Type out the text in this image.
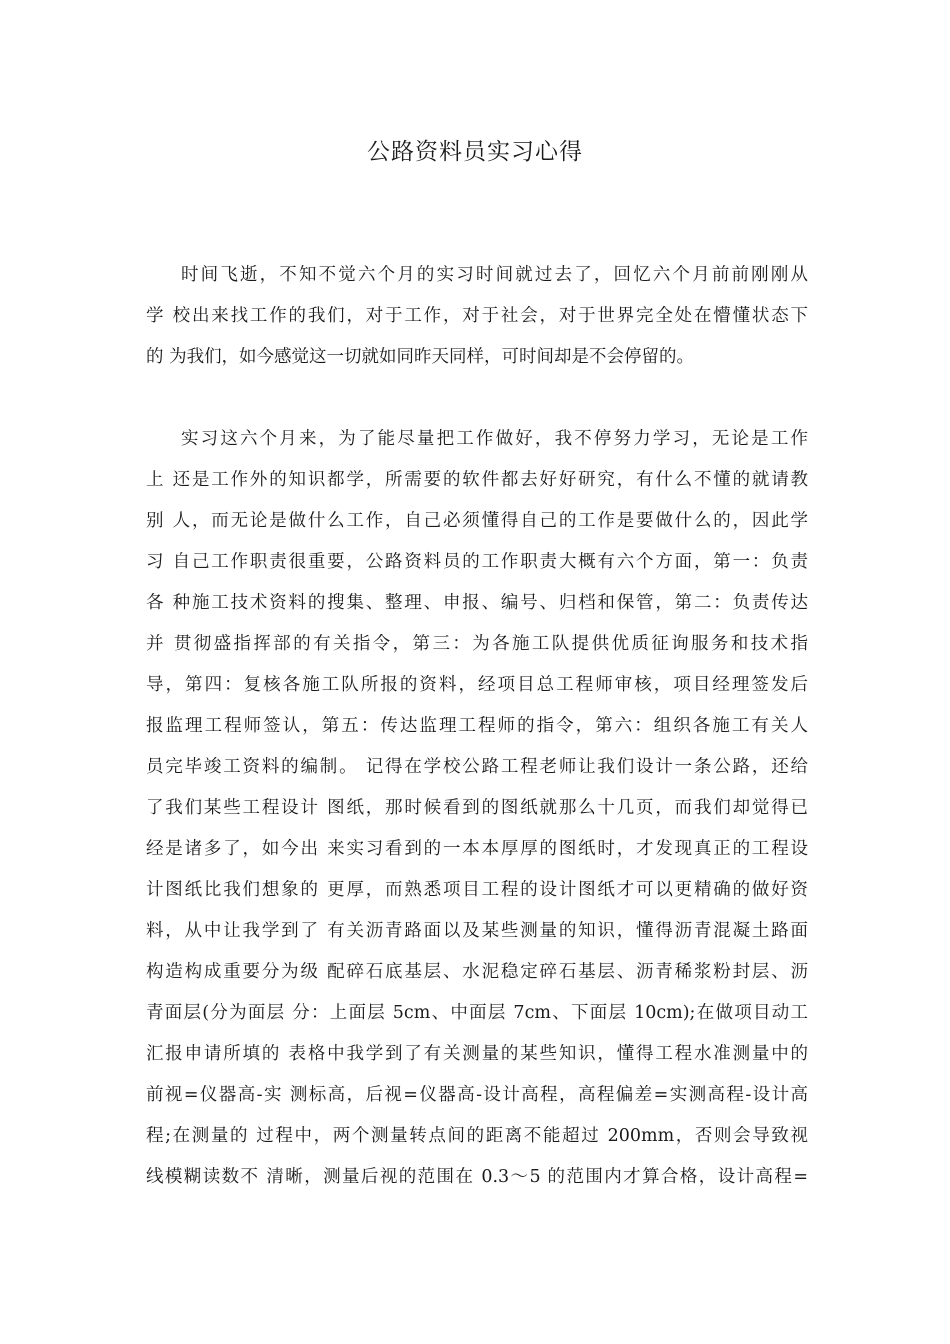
公路资料员实习心得
时间飞逝，不知不觉六个月的实习时间就过去了，回忆六个月前前刚刚从
学 校出来找工作的我们，对于工作，对于社会，对于世界完全处在懵懂状态下
的 为我们，如今感觉这一切就如同昨天同样，可时间却是不会停留的。
实习这六个月来，为了能尽量把工作做好，我不停努力学习，无论是工作
上 还是工作外的知识都学，所需要的软件都去好好研究，有什么不懂的就请教
别 人，而无论是做什么工作，自己必须懂得自己的工作是要做什么的，因此学
习 自己工作职责很重要，公路资料员的工作职责大概有六个方面，第一：负责
各 种施工技术资料的搜集、整理、申报、编号、归档和保管，第二：负责传达
并 贯彻盛指挥部的有关指令，第三：为各施工队提供优质征询服务和技术指
导，第四：复核各施工队所报的资料，经项目总工程师审核，项目经理签发后
报监理工程师签认，第五：传达监理工程师的指令，第六：组织各施工有关人
员完毕竣工资料的编制。 记得在学校公路工程老师让我们设计一条公路，还给
了我们某些工程设计 图纸，那时候看到的图纸就那么十几页，而我们却觉得已
经是诸多了，如今出 来实习看到的一本本厚厚的图纸时，才发现真正的工程设
计图纸比我们想象的 更厚，而熟悉项目工程的设计图纸才可以更精确的做好资
料，从中让我学到了 有关沥青路面以及某些测量的知识，懂得沥青混凝土路面
构造构成重要分为级 配碎石底基层、水泥稳定碎石基层、沥青稀浆粉封层、沥
青面层(分为面层 分：上面层 5cm、中面层 7cm、下面层 10cm);在做项目动工
汇报申请所填的 表格中我学到了有关测量的某些知识，懂得工程水准测量中的
前视=仪器高-实 测标高，后视=仪器高-设计高程，高程偏差=实测高程-设计高
程;在测量的 过程中，两个测量转点间的距离不能超过 200mm，否则会导致视
线模糊读数不 清晰，测量后视的范围在 0.3～5 的范围内才算合格，设计高程=
